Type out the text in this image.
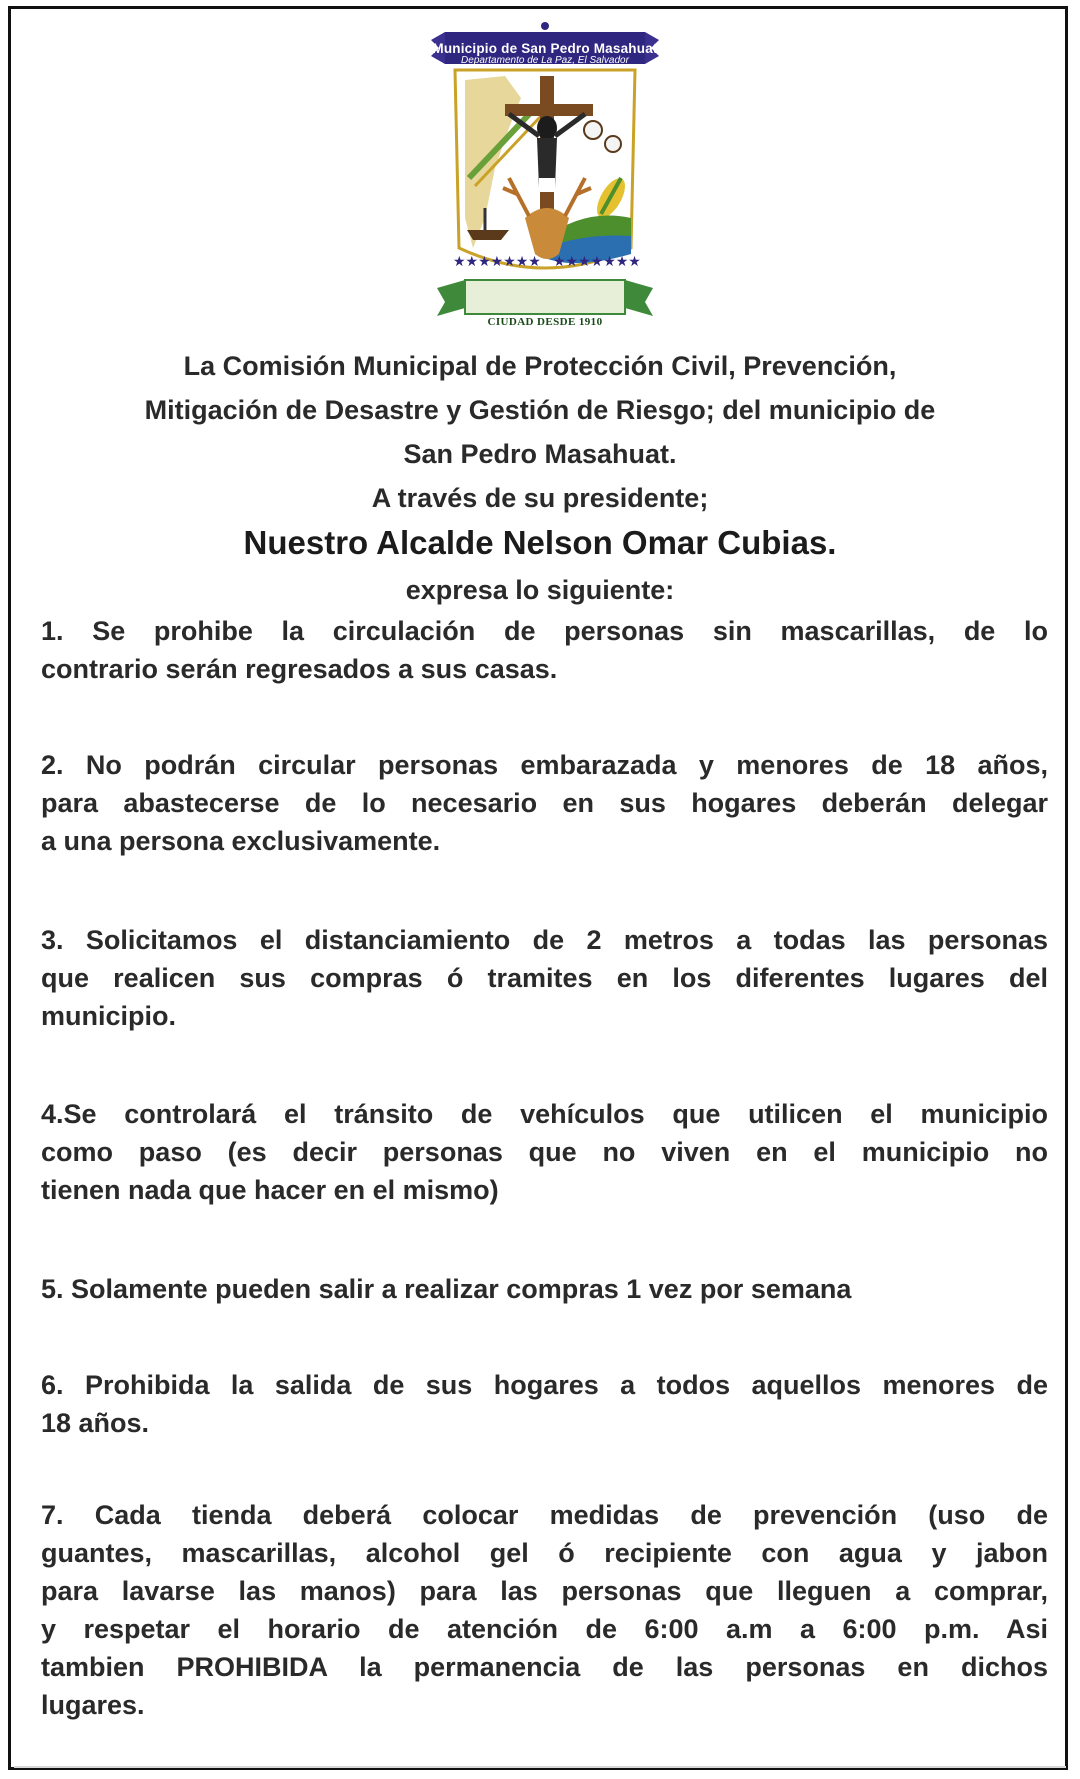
★★★★★★★ ★★★★★★★
Municipio de San Pedro Masahuat
Departamento de La Paz, El Salvador
CIUDAD DESDE 1910
La Comisión Municipal de Protección Civil, Prevención,
Mitigación de Desastre y Gestión de Riesgo; del municipio de
San Pedro Masahuat.
A través de su presidente;
Nuestro Alcalde Nelson Omar Cubias.
expresa lo siguiente:
1. Se prohibe la circulación de personas sin mascarillas, de lo
contrario serán regresados a sus casas.
2. No podrán circular personas embarazada y menores de 18 años,
para abastecerse de lo necesario en sus hogares deberán delegar
a una persona exclusivamente.
3. Solicitamos el distanciamiento de 2 metros a todas las personas
que realicen sus compras ó tramites en los diferentes lugares del
municipio.
4.Se controlará el tránsito de vehículos que utilicen el municipio
como paso (es decir personas que no viven en el municipio no
tienen nada que hacer en el mismo)
5. Solamente pueden salir a realizar compras 1 vez por semana
6. Prohibida la salida de sus hogares a todos aquellos menores de
18 años.
7. Cada tienda deberá colocar medidas de prevención (uso de
guantes, mascarillas, alcohol gel ó recipiente con agua y jabon
para lavarse las manos) para las personas que lleguen a comprar,
y respetar el horario de atención de 6:00 a.m a 6:00 p.m. Asi
tambien PROHIBIDA la permanencia de las personas en dichos
lugares.
